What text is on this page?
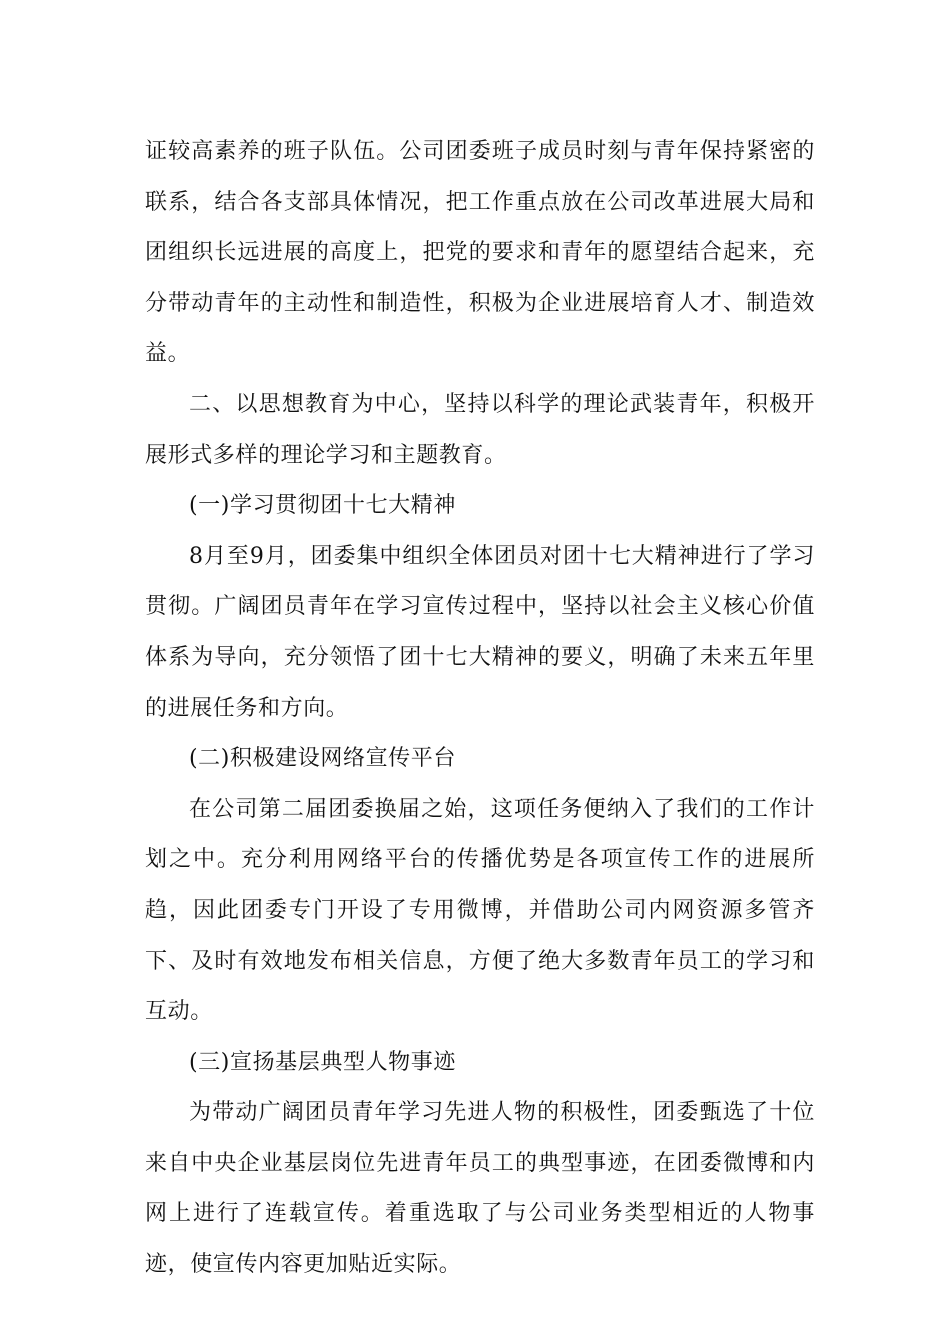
证较高素养的班子队伍。公司团委班子成员时刻与青年保持紧密的联系，结合各支部具体情况，把工作重点放在公司改革进展大局和团组织长远进展的高度上，把党的要求和青年的愿望结合起来，充分带动青年的主动性和制造性，积极为企业进展培育人才、制造效益。

二、以思想教育为中心，坚持以科学的理论武装青年，积极开展形式多样的理论学习和主题教育。

(一)学习贯彻团十七大精神

8月至9月，团委集中组织全体团员对团十七大精神进行了学习贯彻。广阔团员青年在学习宣传过程中，坚持以社会主义核心价值体系为导向，充分领悟了团十七大精神的要义，明确了未来五年里的进展任务和方向。

(二)积极建设网络宣传平台

在公司第二届团委换届之始，这项任务便纳入了我们的工作计划之中。充分利用网络平台的传播优势是各项宣传工作的进展所趋，因此团委专门开设了专用微博，并借助公司内网资源多管齐下、及时有效地发布相关信息，方便了绝大多数青年员工的学习和互动。

(三)宣扬基层典型人物事迹

为带动广阔团员青年学习先进人物的积极性，团委甄选了十位来自中央企业基层岗位先进青年员工的典型事迹，在团委微博和内网上进行了连载宣传。着重选取了与公司业务类型相近的人物事迹，使宣传内容更加贴近实际。
